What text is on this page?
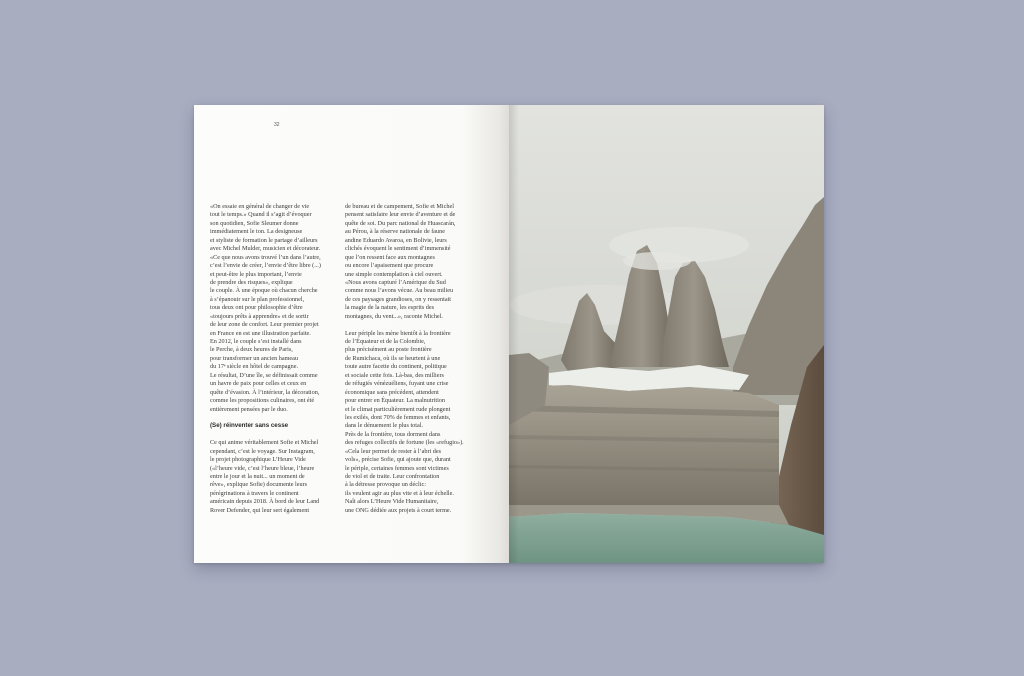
32
«On essaie en général de changer de vie
tout le temps.» Quand il s’agit d’évoquer
son quotidien, Sofie Sleumer donne
immédiatement le ton. La designeuse
et styliste de formation le partage d’ailleurs
avec Michel Mulder, musicien et décorateur.
«Ce que nous avons trouvé l’un dans l’autre,
c’est l’envie de créer, l’envie d’être libre (...)
et peut-être le plus important, l’envie
de prendre des risques», explique
le couple. À une époque où chacun cherche
à s’épanouir sur le plan professionnel,
tous deux ont pour philosophie d’être
«toujours prêts à apprendre» et de sortir
de leur zone de confort. Leur premier projet
en France en est une illustration parfaite.
En 2012, le couple s’est installé dans
le Perche, à deux heures de Paris,
pour transformer un ancien hameau
du 17ᵉ siècle en hôtel de campagne.
Le résultat, D’une île, se définissait comme
un havre de paix pour celles et ceux en
quête d’évasion. À l’intérieur, la décoration,
comme les propositions culinaires, ont été
entièrement pensées par le duo.
(Se) réinventer sans cesse
Ce qui anime véritablement Sofie et Michel
cependant, c’est le voyage. Sur Instagram,
le projet photographique L’Heure Vide
(«l’heure vide, c’est l’heure bleue, l’heure
entre le jour et la nuit... un moment de
rêve», explique Sofie) documente leurs
pérégrinations à travers le continent
américain depuis 2018. À bord de leur Land
Rover Defender, qui leur sert également
de bureau et de campement, Sofie et Michel
pensent satisfaire leur envie d’aventure et de
quête de soi. Du parc national de Huascarán,
au Pérou, à la réserve nationale de faune
andine Eduardo Avaroa, en Bolivie, leurs
clichés évoquent le sentiment d’immensité
que l’on ressent face aux montagnes
ou encore l’apaisement que procure
une simple contemplation à ciel ouvert.
«Nous avons capturé l’Amérique du Sud
comme nous l’avons vécue. Au beau milieu
de ces paysages grandioses, on y ressentait
la magie de la nature, les esprits des
montagnes, du vent...», raconte Michel.
Leur périple les mène bientôt à la frontière
de l’Équateur et de la Colombie,
plus précisément au poste frontière
de Rumichaca, où ils se heurtent à une
toute autre facette du continent, politique
et sociale cette fois. Là-bas, des milliers
de réfugiés vénézuéliens, fuyant une crise
économique sans précédent, attendent
pour entrer en Équateur. La malnutrition
et le climat particulièrement rude plongent
les exilés, dont 70% de femmes et enfants,
dans le dénuement le plus total.
Près de la frontière, tous dorment dans
des refuges collectifs de fortune (les «refugio»).
«Cela leur permet de rester à l’abri des
vols», précise Sofie, qui ajoute que, durant
le périple, certaines femmes sont victimes
de viol et de traite. Leur confrontation
à la détresse provoque un déclic:
ils veulent agir au plus vite et à leur échelle.
Naît alors L’Heure Vide Humanitaire,
une ONG dédiée aux projets à court terme.
